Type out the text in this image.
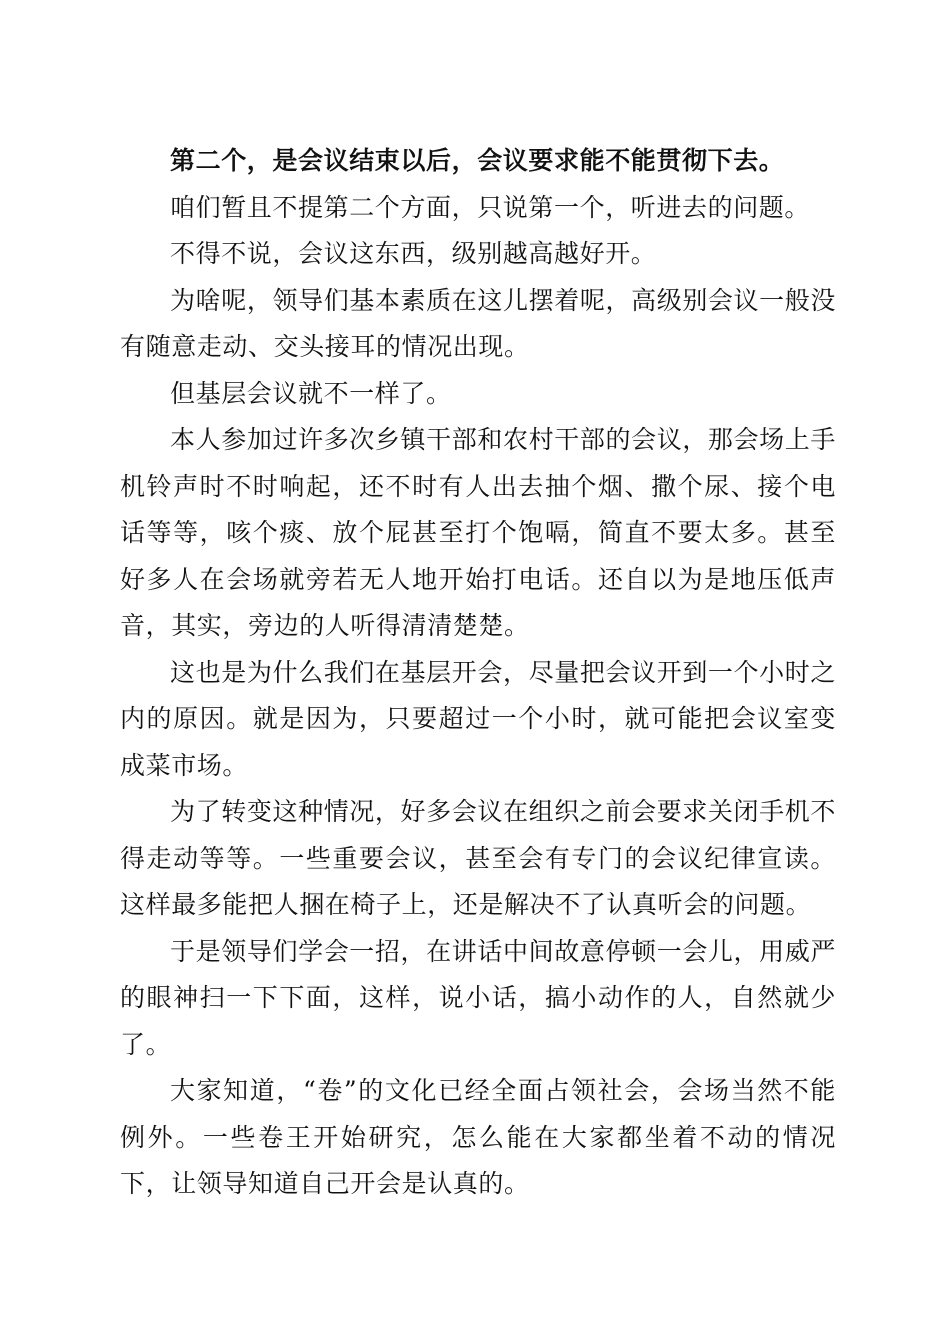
第二个，是会议结束以后，会议要求能不能贯彻下去。

咱们暂且不提第二个方面，只说第一个，听进去的问题。

不得不说，会议这东西，级别越高越好开。

为啥呢，领导们基本素质在这儿摆着呢，高级别会议一般没有随意走动、交头接耳的情况出现。

但基层会议就不一样了。

本人参加过许多次乡镇干部和农村干部的会议，那会场上手机铃声时不时响起，还不时有人出去抽个烟、撒个尿、接个电话等等，咳个痰、放个屁甚至打个饱嗝，简直不要太多。甚至好多人在会场就旁若无人地开始打电话。还自以为是地压低声音，其实，旁边的人听得清清楚楚。

这也是为什么我们在基层开会，尽量把会议开到一个小时之内的原因。就是因为，只要超过一个小时，就可能把会议室变成菜市场。

为了转变这种情况，好多会议在组织之前会要求关闭手机不得走动等等。一些重要会议，甚至会有专门的会议纪律宣读。这样最多能把人捆在椅子上，还是解决不了认真听会的问题。

于是领导们学会一招，在讲话中间故意停顿一会儿，用威严的眼神扫一下下面，这样，说小话，搞小动作的人，自然就少了。

大家知道，“卷”的文化已经全面占领社会，会场当然不能例外。一些卷王开始研究，怎么能在大家都坐着不动的情况下，让领导知道自己开会是认真的。
